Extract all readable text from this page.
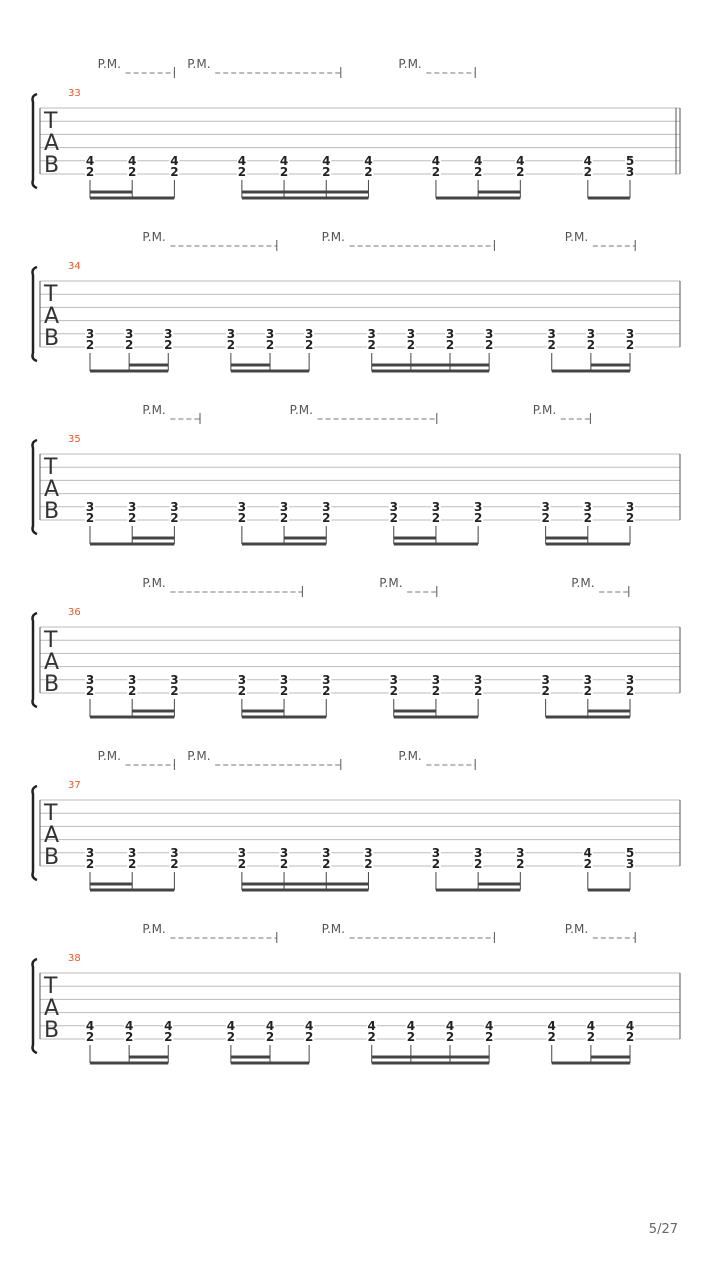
P.M.	P.M.	P.M.
33
T
A
B 4
2
4
2
4
2
4
2
4
2
4
2
4
2
4
2
4
2
4
2
4
2
5
3
P.M.	P.M.	P.M.
34
T
A
B 3
2
3
2
3
2
3
2
3
2
3
2
3
2
3
2
3
2
3
2
3
2
3
2
3
2
P.M.	P.M.	P.M.
35
T
A
B 3
2
3
2
3
2
3
2
3
2
3
2
3
2
3
2
3
2
3
2
3
2
3
2
P.M.	P.M.	P.M.
36
T
A
B 3
2
3
2
3
2
3
2
3
2
3
2
3
2
3
2
3
2
3
2
3
2
3
2
P.M.	P.M.	P.M.
37
T
A
B 3
2
3
2
3
2
3
2
3
2
3
2
3
2
3
2
3
2
3
2
4
2
5
3
P.M.	P.M.	P.M.
38
T
A
B 4
2
4
2
4
2
4
2
4
2
4
2
4
2
4
2
4
2
4
2
4
2
4
2
4
2
5/27
